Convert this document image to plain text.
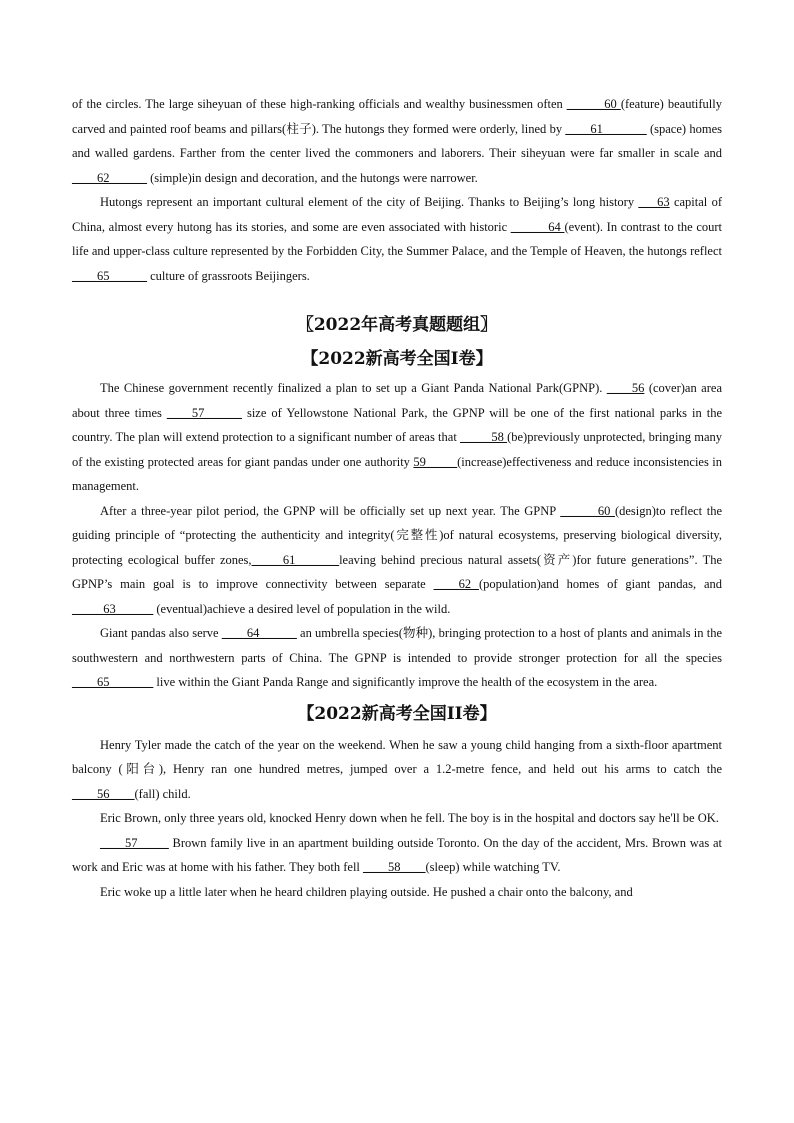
of the circles. The large siheyuan of these high-ranking officials and wealthy businessmen often ______60 (feature) beautifully carved and painted roof beams and pillars(柱子). The hutongs they formed were orderly, lined by ____61_______ (space) homes and walled gardens. Farther from the center lived the commoners and laborers. Their siheyuan were far smaller in scale and ____62______ (simple)in design and decoration, and the hutongs were narrower.

Hutongs represent an important cultural element of the city of Beijing. Thanks to Beijing’s long history ___63 capital of China, almost every hutong has its stories, and some are even associated with historic ______64 (event). In contrast to the court life and upper-class culture represented by the Forbidden City, the Summer Palace, and the Temple of Heaven, the hutongs reflect ____65______ culture of grassroots Beijingers.

〖2022年高考真题题组〗

【2022新高考全国I卷】

The Chinese government recently finalized a plan to set up a Giant Panda National Park(GPNP). ____56 (cover)an area about three times ____57______ size of Yellowstone National Park, the GPNP will be one of the first national parks in the country. The plan will extend protection to a significant number of areas that _____58 (be)previously unprotected, bringing many of the existing protected areas for giant pandas under one authority 59_____(increase)effectiveness and reduce inconsistencies in management.

After a three-year pilot period, the GPNP will be officially set up next year. The GPNP ______60 (design)to reflect the guiding principle of “protecting the authenticity and integrity(完整性)of natural ecosystems, preserving biological diversity, protecting ecological buffer zones,_____61_______leaving behind precious natural assets(资产)for future generations”. The GPNP’s main goal is to improve connectivity between separate ____62 (population)and homes of giant pandas, and _____63______ (eventual)achieve a desired level of population in the wild.

Giant pandas also serve ____64______ an umbrella species(物种), bringing protection to a host of plants and animals in the southwestern and northwestern parts of China. The GPNP is intended to provide stronger protection for all the species ____65_______ live within the Giant Panda Range and significantly improve the health of the ecosystem in the area.

【2022新高考全国II卷】

Henry Tyler made the catch of the year on the weekend. When he saw a young child hanging from a sixth-floor apartment balcony (阳台), Henry ran one hundred metres, jumped over a 1.2-metre fence, and held out his arms to catch the ____56____(fall) child.

Eric Brown, only three years old, knocked Henry down when he fell. The boy is in the hospital and doctors say he'll be OK.

____57_____ Brown family live in an apartment building outside Toronto. On the day of the accident, Mrs. Brown was at work and Eric was at home with his father. They both fell ____58____(sleep) while watching TV.

Eric woke up a little later when he heard children playing outside. He pushed a chair onto the balcony, and
